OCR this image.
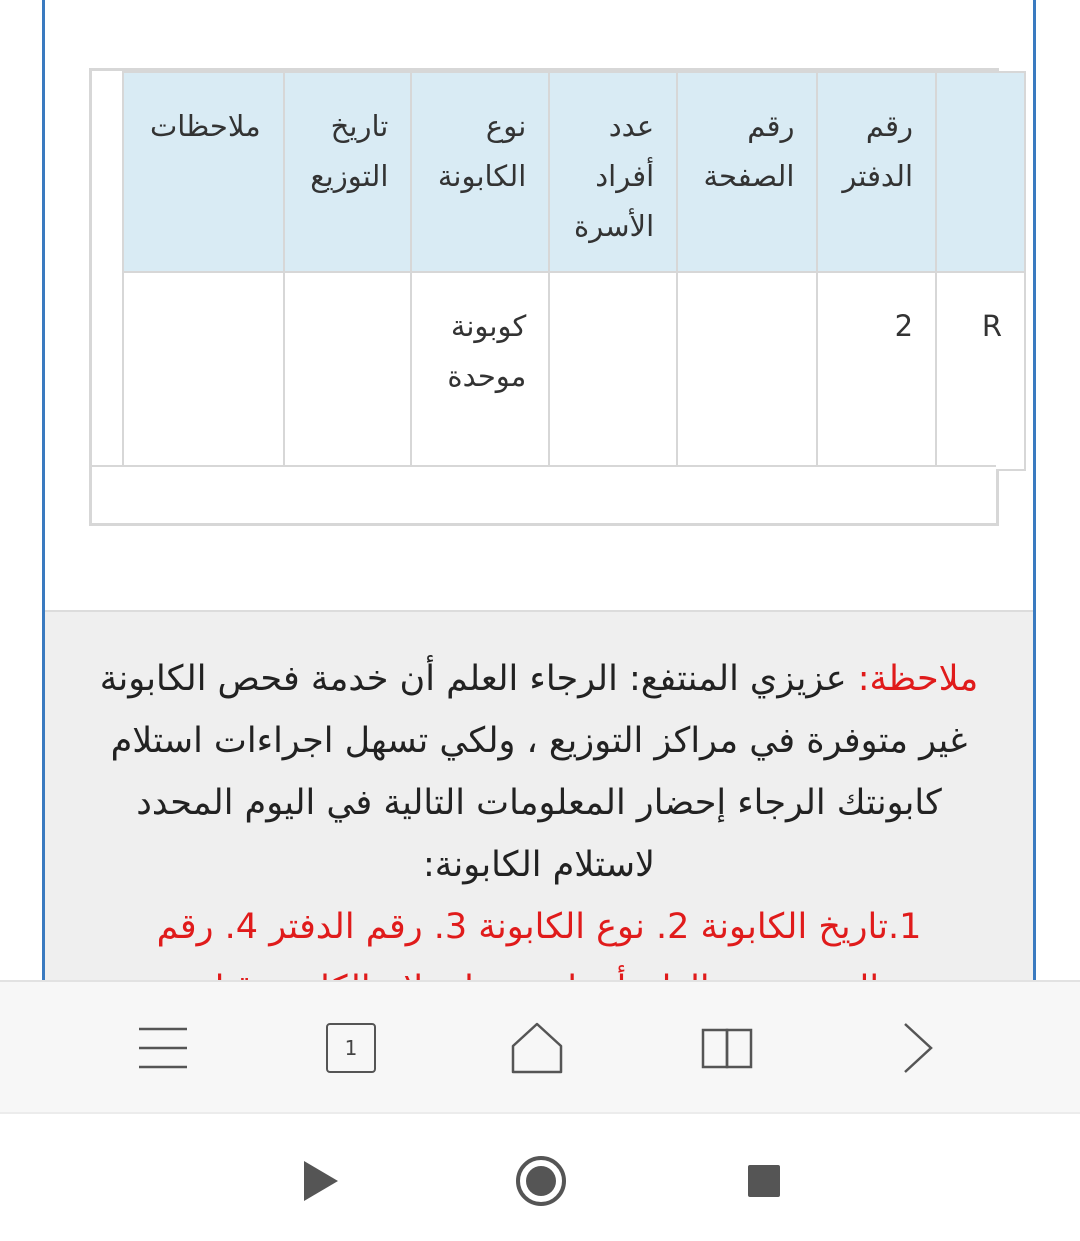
	رقم الدفتر	رقم الصفحة	عدد أفراد الأسرة	نوع الكابونة	تاريخ التوزيع	ملاحظات
R	2			كوبونة موحدة		
ملاحظة: عزيزي المنتفع: الرجاء العلم أن خدمة فحص الكابونة غير متوفرة في مراكز التوزيع ، ولكي تسهل اجراءات استلام كابونتك الرجاء إحضار المعلومات التالية في اليوم المحدد لاستلام الكابونة:
1.تاريخ الكابونة 2. نوع الكابونة 3. رقم الدفتر 4. رقم
1
